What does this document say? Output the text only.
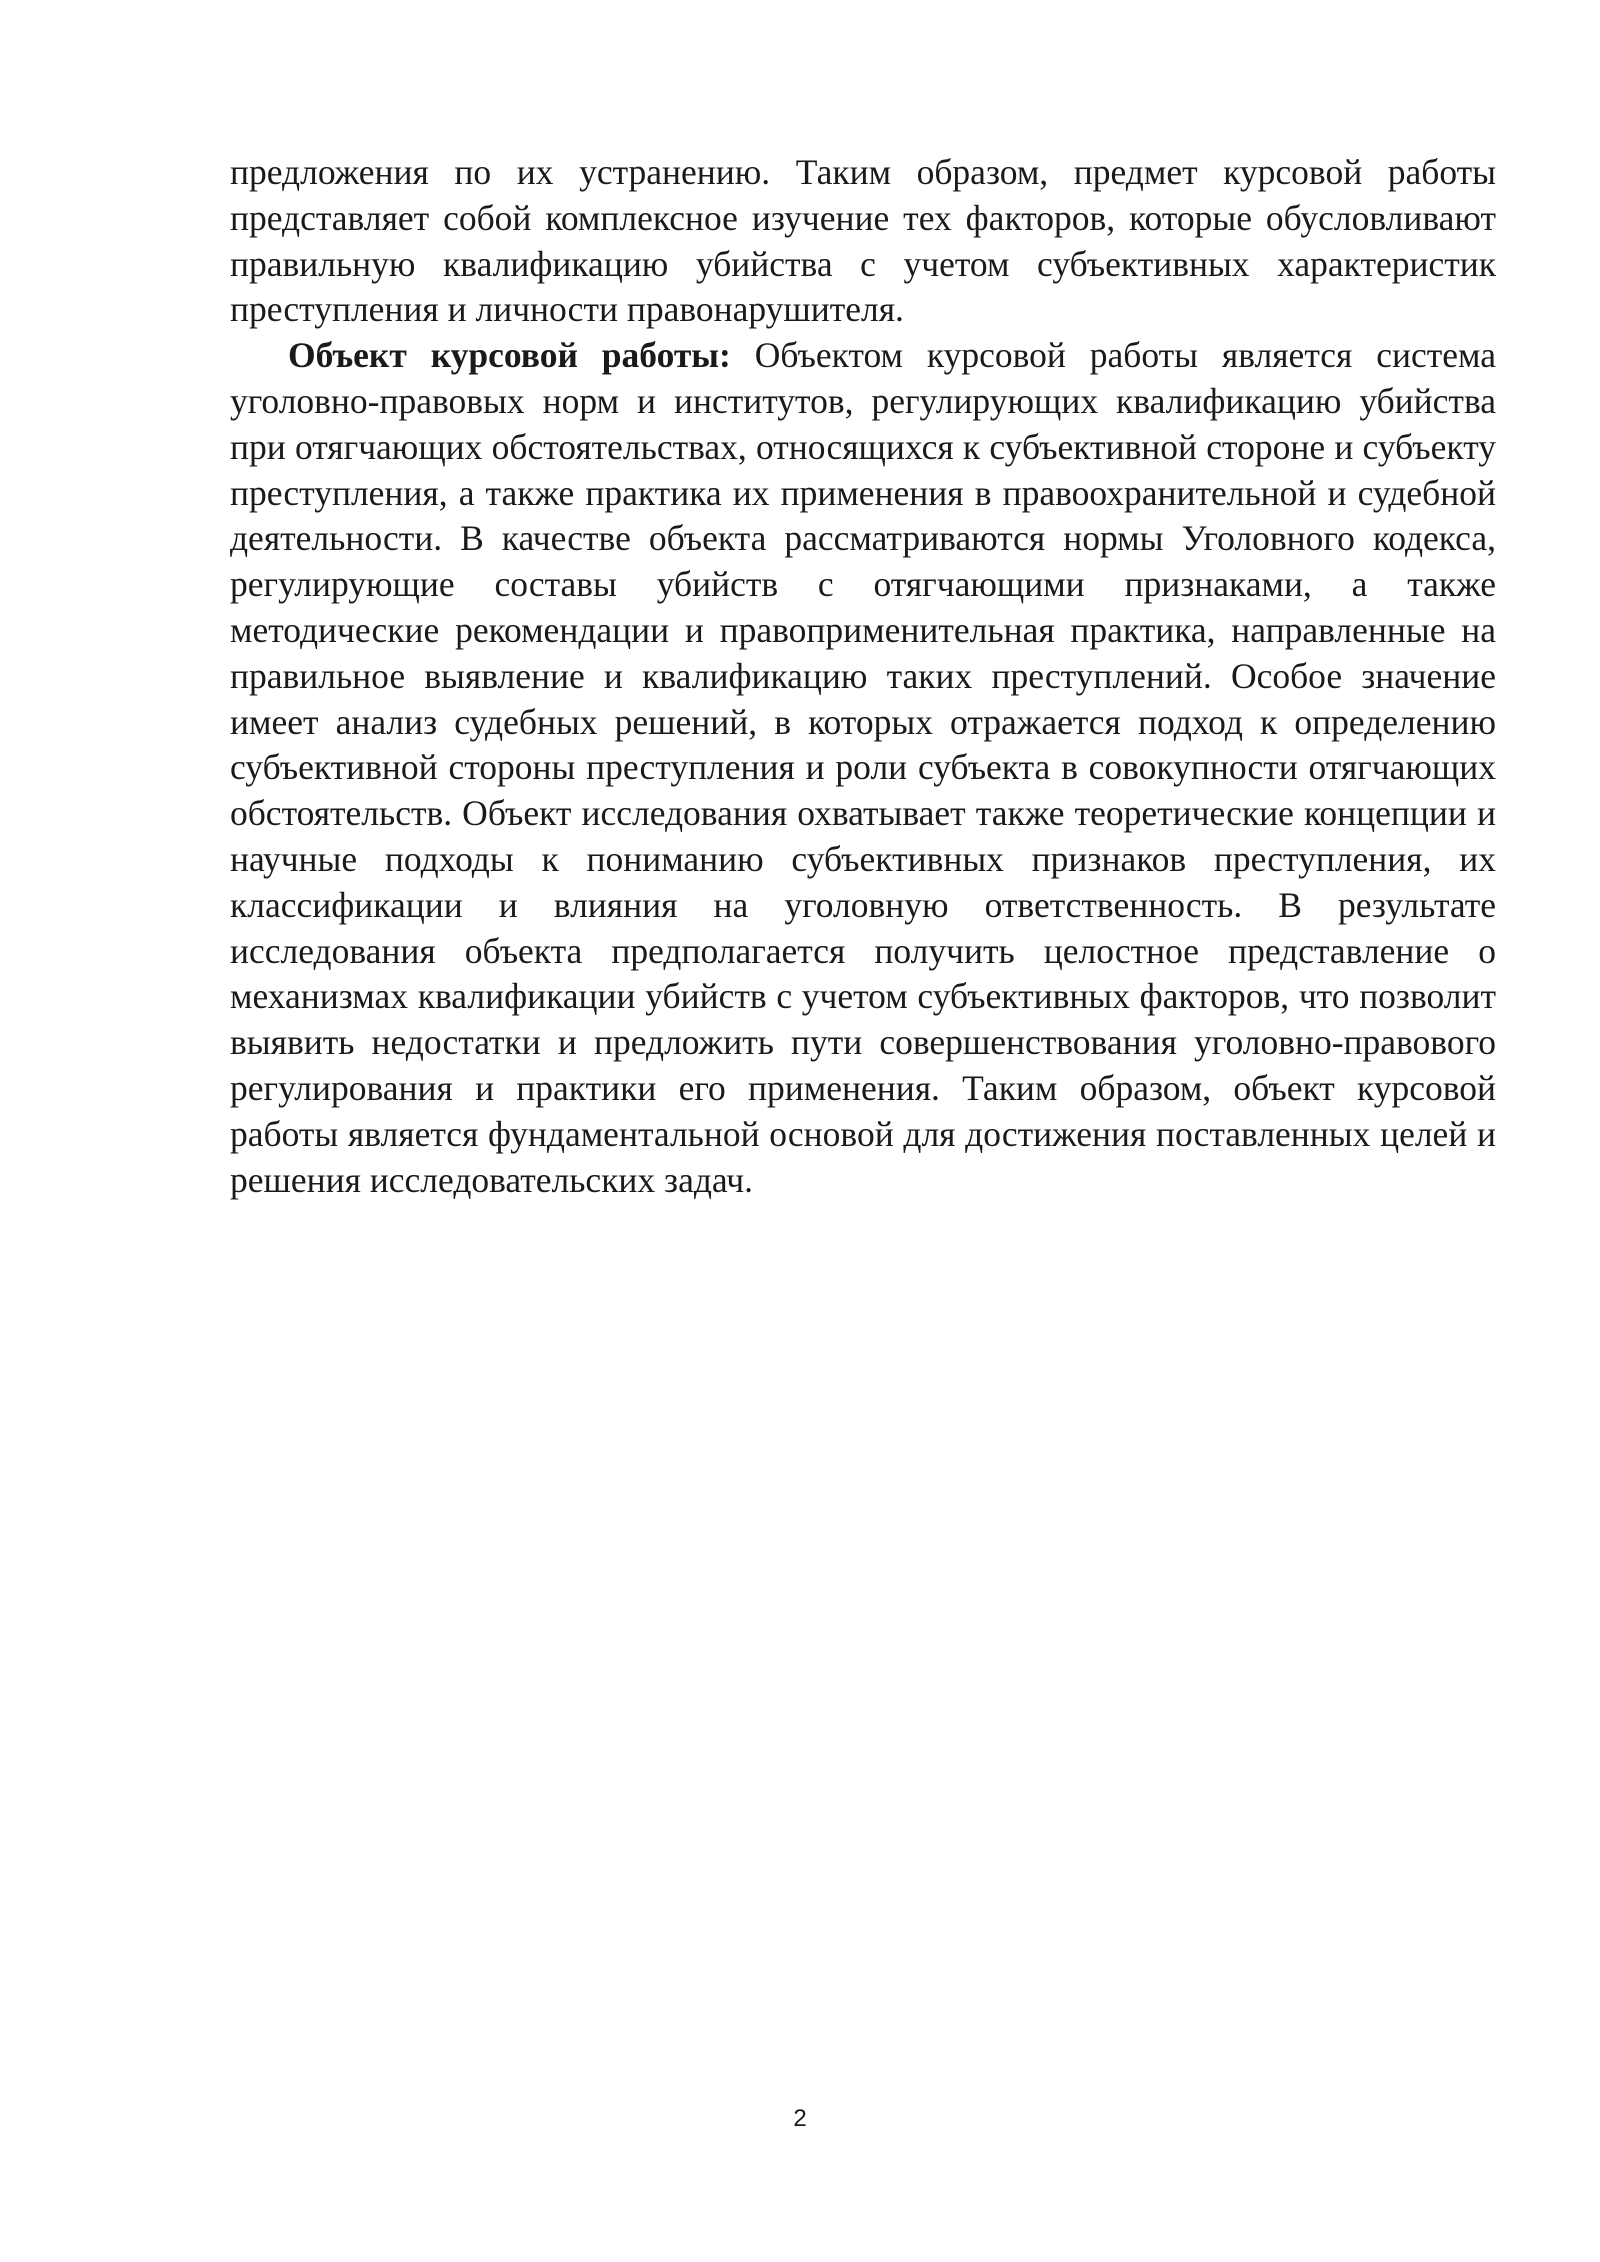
предложения по их устранению. Таким образом, предмет курсовой работы представляет собой комплексное изучение тех факторов, которые обусловливают правильную квалификацию убийства с учетом субъективных характеристик преступления и личности правонарушителя.

Объект курсовой работы: Объектом курсовой работы является система уголовно-правовых норм и институтов, регулирующих квалификацию убийства при отягчающих обстоятельствах, относящихся к субъективной стороне и субъекту преступления, а также практика их применения в правоохранительной и судебной деятельности. В качестве объекта рассматриваются нормы Уголовного кодекса, регулирующие составы убийств с отягчающими признаками, а также методические рекомендации и правоприменительная практика, направленные на правильное выявление и квалификацию таких преступлений. Особое значение имеет анализ судебных решений, в которых отражается подход к определению субъективной стороны преступления и роли субъекта в совокупности отягчающих обстоятельств. Объект исследования охватывает также теоретические концепции и научные подходы к пониманию субъективных признаков преступления, их классификации и влияния на уголовную ответственность. В результате исследования объекта предполагается получить целостное представление о механизмах квалификации убийств с учетом субъективных факторов, что позволит выявить недостатки и предложить пути совершенствования уголовно-правового регулирования и практики его применения. Таким образом, объект курсовой работы является фундаментальной основой для достижения поставленных целей и решения исследовательских задач.

2
